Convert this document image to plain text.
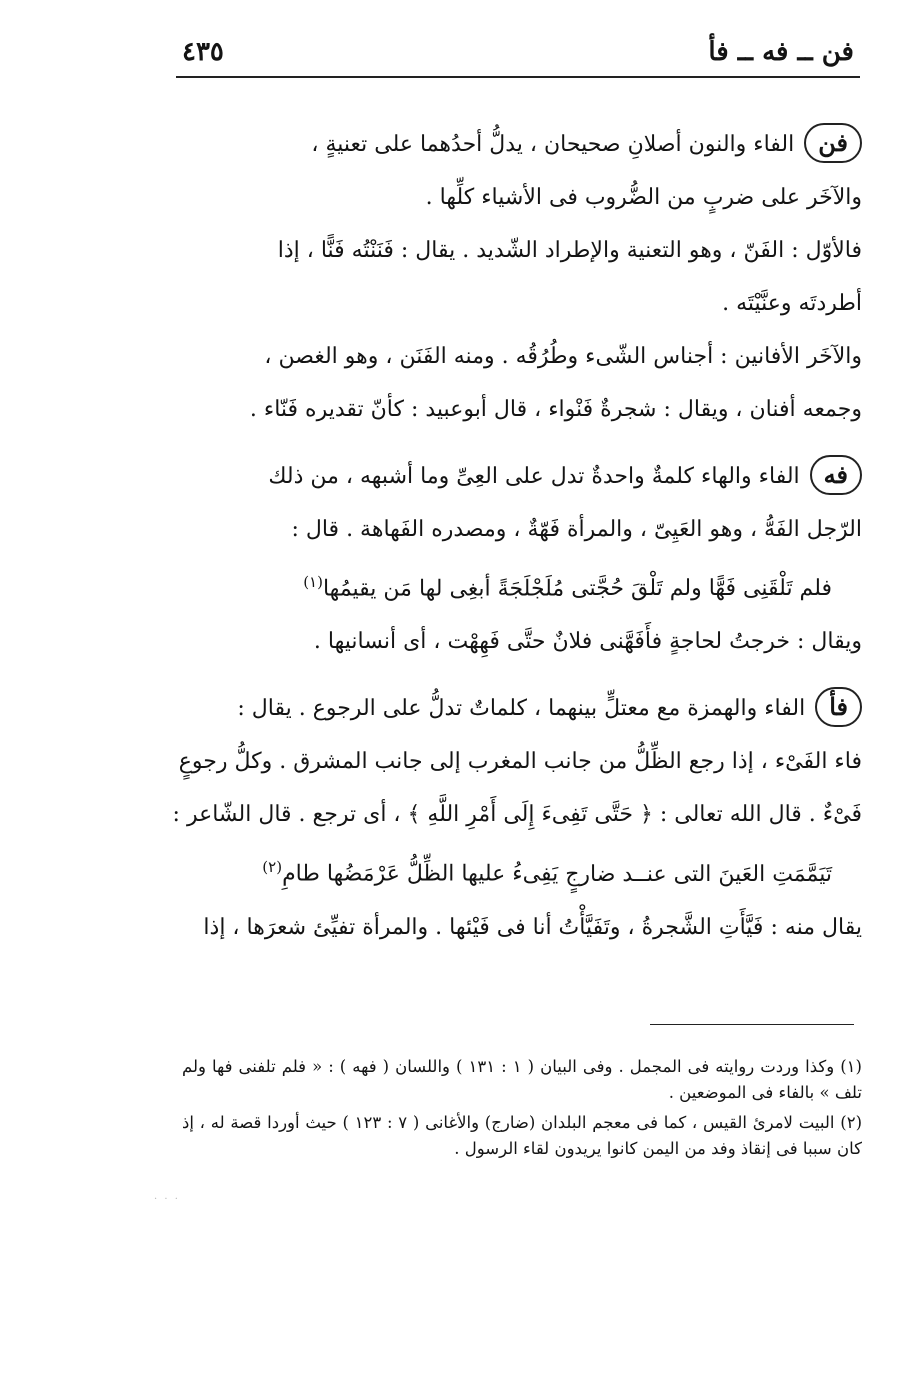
فن ــ فه ــ فأ
٤٣٥
فنالفاء والنون أصلانِ صحيحان ، يدلُّ أحدُهما على تعنيةٍ ،
والآخَر على ضربٍ من الضُّروب فى الأشياء كلِّها .
فالأوّل : الفَنّ ، وهو التعنية والإطراد الشّديد . يقال : فَنَنْتُه فَنًّا ، إذا
أطردتَه وعنَّيْتَه .
والآخَر الأفانين : أجناس الشّىء وطُرُقُه . ومنه الفَنَن ، وهو الغصن ،
وجمعه أفنان ، ويقال : شجرةٌ فَنْواء ، قال أبوعبيد : كأنّ تقديره فَنّاء .
فهالفاء والهاء كلمةٌ واحدةٌ تدل على العِىِّ وما أشبهه ، من ذلك
الرّجل الفَهُّ ، وهو العَيِىّ ، والمرأة فَهّةٌ ، ومصدره الفَهاهة . قال :
فلم تَلْقَنِى فَهًّا ولم تَلْقَ حُجَّتى مُلَجْلَجَةً أبغِى لها مَن يقيمُها$^{(١)}$
ويقال : خرجتُ لحاجةٍ فأَفَهَّنى فلانٌ حتَّى فَهِهْت ، أى أنسانيها .
فأالفاء والهمزة مع معتلٍّ بينهما ، كلماتٌ تدلُّ على الرجوع . يقال :
فاء الفَىْء ، إذا رجع الظِّلُّ من جانب المغرب إلى جانب المشرق . وكلُّ رجوعٍ
فَىْءٌ . قال الله تعالى : ﴿ حَتَّى تَفِىءَ إِلَى أَمْرِ اللَّهِ ﴾ ، أى ترجع . قال الشّاعر :
تَيَمَّمَتِ العَينَ التى عنــد ضارجٍ يَفِىءُ عليها الظِّلُّ عَرْمَضُها طامِ$^{(٢)}$
يقال منه : فَيَّأَتِ الشَّجرةُ ، وتَفَيَّأْتُ أنا فى فَيْئها . والمرأة تفيِّئ شعرَها ، إذا
(١) وكذا وردت روايته فى المجمل . وفى البيان ( ١ : ١٣١ ) واللسان ( فهه ) : « فلم تلفنى فها ولم تلف » بالفاء فى الموضعين .
(٢) البيت لامرئ القيس ، كما فى معجم البلدان (ضارج) والأغانى ( ٧ : ١٢٣ ) حيث أوردا قصة له ، إذ كان سببا فى إنقاذ وفد من اليمن كانوا يريدون لقاء الرسول .
· · ·
